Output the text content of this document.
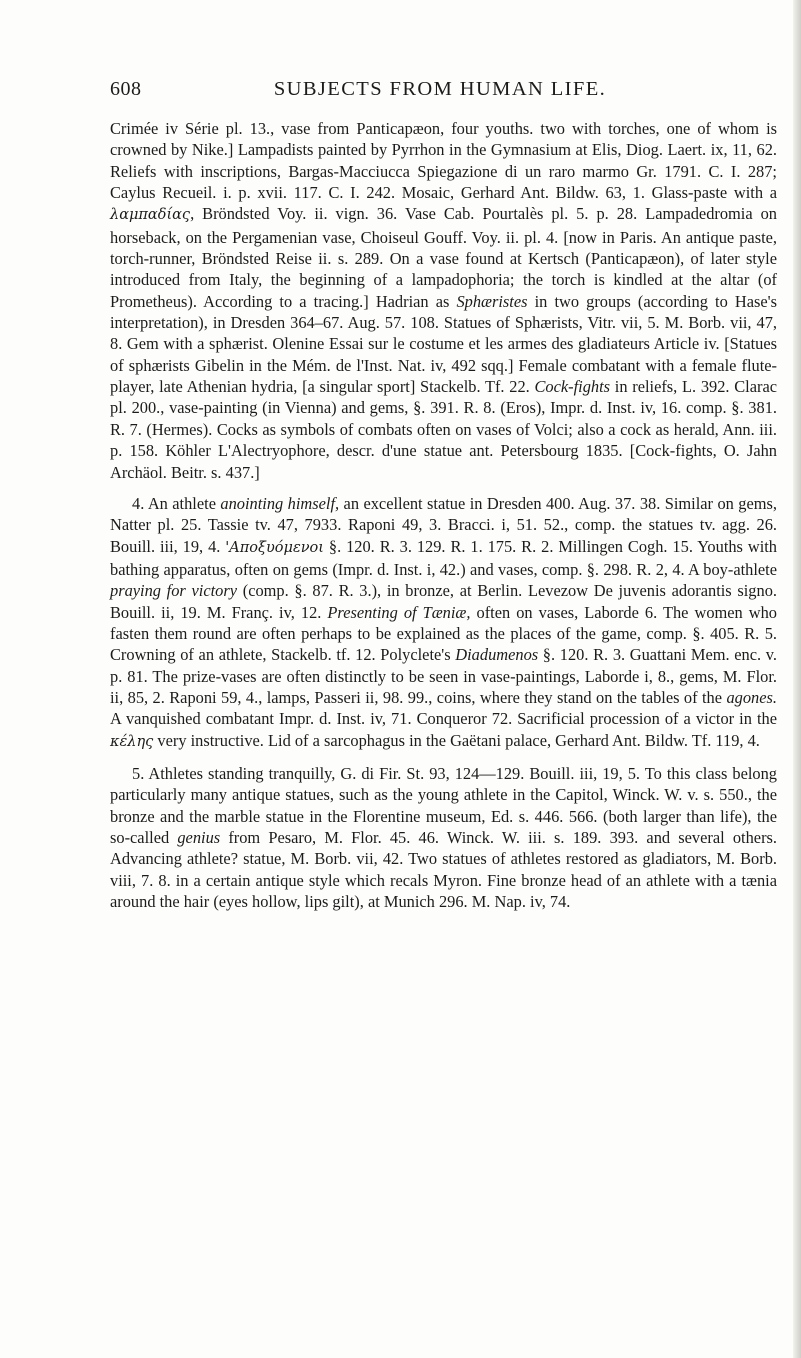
608	SUBJECTS FROM HUMAN LIFE.

Crimée iv Série pl. 13., vase from Panticapæon, four youths. two with torches, one of whom is crowned by Nike.] Lampadists painted by Pyrrhon in the Gymnasium at Elis, Diog. Laert. ix, 11, 62. Reliefs with inscriptions, Bargas-Macciucca Spiegazione di un raro marmo Gr. 1791. C. I. 287; Caylus Recueil. i. p. xvii. 117. C. I. 242. Mosaic, Gerhard Ant. Bildw. 63, 1. Glass-paste with a λαμπαδίας, Bröndsted Voy. ii. vign. 36. Vase Cab. Pourtalès pl. 5. p. 28. Lampadedromia on horseback, on the Pergamenian vase, Choiseul Gouff. Voy. ii. pl. 4. [now in Paris. An antique paste, torch-runner, Bröndsted Reise ii. s. 289. On a vase found at Kertsch (Panticapæon), of later style introduced from Italy, the beginning of a lampadophoria; the torch is kindled at the altar (of Prometheus). According to a tracing.] Hadrian as Sphæristes in two groups (according to Hase's interpretation), in Dresden 364–67. Aug. 57. 108. Statues of Sphærists, Vitr. vii, 5. M. Borb. vii, 47, 8. Gem with a sphærist. Olenine Essai sur le costume et les armes des gladiateurs Article iv. [Statues of sphærists Gibelin in the Mém. de l'Inst. Nat. iv, 492 sqq.] Female combatant with a female flute-player, late Athenian hydria, [a singular sport] Stackelb. Tf. 22. Cock-fights in reliefs, L. 392. Clarac pl. 200., vase-painting (in Vienna) and gems, §. 391. R. 8. (Eros), Impr. d. Inst. iv, 16. comp. §. 381. R. 7. (Hermes). Cocks as symbols of combats often on vases of Volci; also a cock as herald, Ann. iii. p. 158. Köhler L'Alectryophore, descr. d'une statue ant. Petersbourg 1835. [Cock-fights, O. Jahn Archäol. Beitr. s. 437.]

4. An athlete anointing himself, an excellent statue in Dresden 400. Aug. 37. 38. Similar on gems, Natter pl. 25. Tassie tv. 47, 7933. Raponi 49, 3. Bracci. i, 51. 52., comp. the statues tv. agg. 26. Bouill. iii, 19, 4. 'Αποξυόμενοι §. 120. R. 3. 129. R. 1. 175. R. 2. Millingen Cogh. 15. Youths with bathing apparatus, often on gems (Impr. d. Inst. i, 42.) and vases, comp. §. 298. R. 2, 4. A boy-athlete praying for victory (comp. §. 87. R. 3.), in bronze, at Berlin. Levezow De juvenis adorantis signo. Bouill. ii, 19. M. Franç. iv, 12. Presenting of Tæniæ, often on vases, Laborde 6. The women who fasten them round are often perhaps to be explained as the places of the game, comp. §. 405. R. 5. Crowning of an athlete, Stackelb. tf. 12. Polyclete's Diadumenos §. 120. R. 3. Guattani Mem. enc. v. p. 81. The prize-vases are often distinctly to be seen in vase-paintings, Laborde i, 8., gems, M. Flor. ii, 85, 2. Raponi 59, 4., lamps, Passeri ii, 98. 99., coins, where they stand on the tables of the agones. A vanquished combatant Impr. d. Inst. iv, 71. Conqueror 72. Sacrificial procession of a victor in the κέλης very instructive. Lid of a sarcophagus in the Gaëtani palace, Gerhard Ant. Bildw. Tf. 119, 4.

5. Athletes standing tranquilly, G. di Fir. St. 93, 124—129. Bouill. iii, 19, 5. To this class belong particularly many antique statues, such as the young athlete in the Capitol, Winck. W. v. s. 550., the bronze and the marble statue in the Florentine museum, Ed. s. 446. 566. (both larger than life), the so-called genius from Pesaro, M. Flor. 45. 46. Winck. W. iii. s. 189. 393. and several others. Advancing athlete? statue, M. Borb. vii, 42. Two statues of athletes restored as gladiators, M. Borb. viii, 7. 8. in a certain antique style which recals Myron. Fine bronze head of an athlete with a tænia around the hair (eyes hollow, lips gilt), at Munich 296. M. Nap. iv, 74.
